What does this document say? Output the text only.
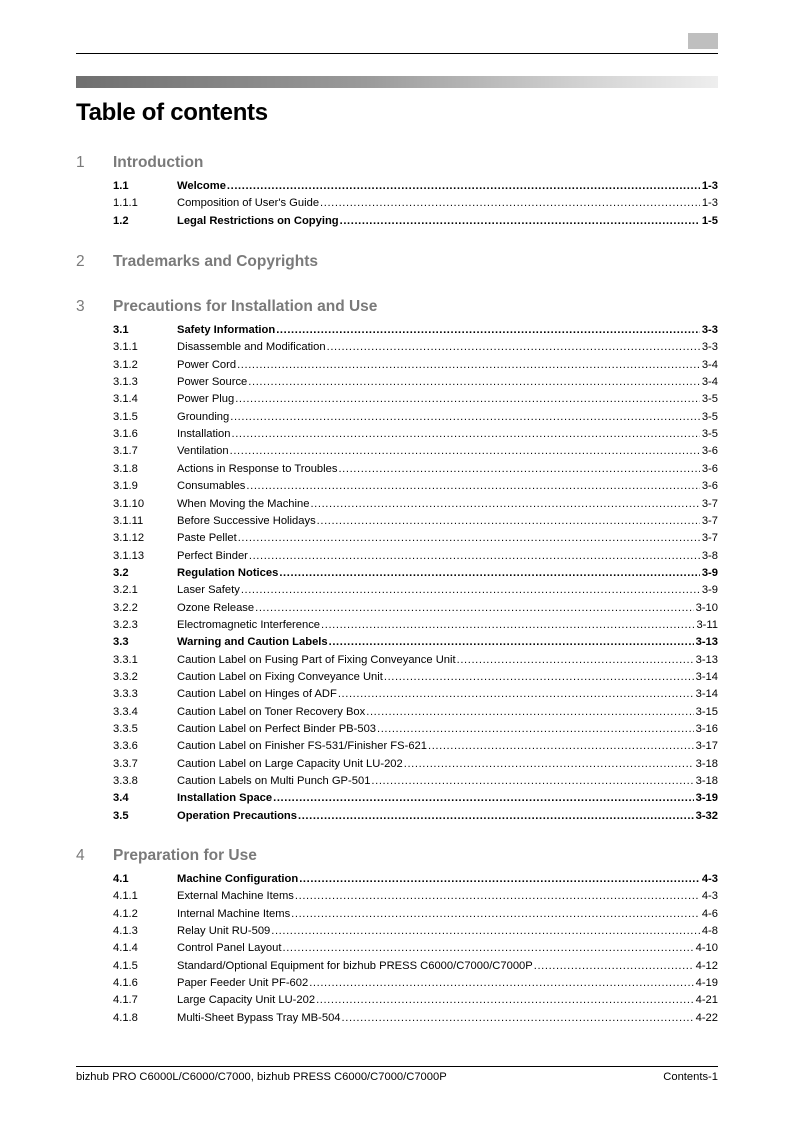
Table of contents
1 Introduction
1.1	Welcome .....	1-3
1.1.1	Composition of User's Guide .....	1-3
1.2	Legal Restrictions on Copying .....	1-5
2 Trademarks and Copyrights
3 Precautions for Installation and Use
3.1	Safety Information .....	3-3
3.1.1	Disassemble and Modification .....	3-3
3.1.2	Power Cord .....	3-4
3.1.3	Power Source .....	3-4
3.1.4	Power Plug .....	3-5
3.1.5	Grounding .....	3-5
3.1.6	Installation .....	3-5
3.1.7	Ventilation .....	3-6
3.1.8	Actions in Response to Troubles .....	3-6
3.1.9	Consumables .....	3-6
3.1.10	When Moving the Machine .....	3-7
3.1.11	Before Successive Holidays .....	3-7
3.1.12	Paste Pellet .....	3-7
3.1.13	Perfect Binder .....	3-8
3.2	Regulation Notices .....	3-9
3.2.1	Laser Safety .....	3-9
3.2.2	Ozone Release .....	3-10
3.2.3	Electromagnetic Interference .....	3-11
3.3	Warning and Caution Labels .....	3-13
3.3.1	Caution Label on Fusing Part of Fixing Conveyance Unit .....	3-13
3.3.2	Caution Label on Fixing Conveyance Unit .....	3-14
3.3.3	Caution Label on Hinges of ADF .....	3-14
3.3.4	Caution Label on Toner Recovery Box .....	3-15
3.3.5	Caution Label on Perfect Binder PB-503 .....	3-16
3.3.6	Caution Label on Finisher FS-531/Finisher FS-621 .....	3-17
3.3.7	Caution Label on Large Capacity Unit LU-202 .....	3-18
3.3.8	Caution Labels on Multi Punch GP-501 .....	3-18
3.4	Installation Space .....	3-19
3.5	Operation Precautions .....	3-32
4 Preparation for Use
4.1	Machine Configuration .....	4-3
4.1.1	External Machine Items .....	4-3
4.1.2	Internal Machine Items .....	4-6
4.1.3	Relay Unit RU-509 .....	4-8
4.1.4	Control Panel Layout .....	4-10
4.1.5	Standard/Optional Equipment for bizhub PRESS C6000/C7000/C7000P .....	4-12
4.1.6	Paper Feeder Unit PF-602 .....	4-19
4.1.7	Large Capacity Unit LU-202 .....	4-21
4.1.8	Multi-Sheet Bypass Tray MB-504 .....	4-22
bizhub PRO C6000L/C6000/C7000, bizhub PRESS C6000/C7000/C7000P	Contents-1
